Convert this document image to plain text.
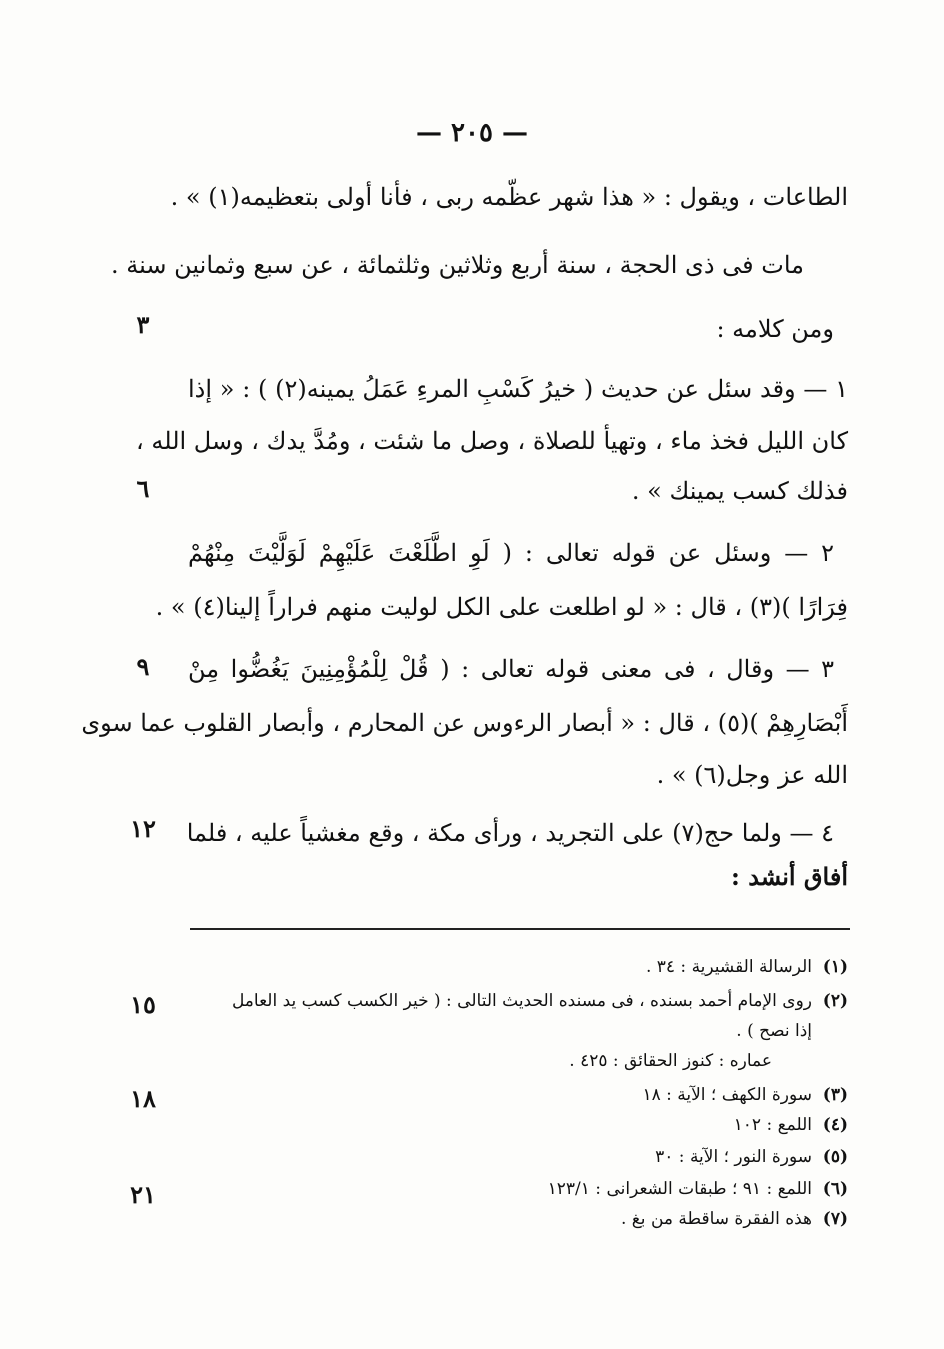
— ٢٠٥ —
الطاعات ، ويقول : « هذا شهر عظّمه ربى ، فأنا أولى بتعظيمه(١) » .
مات فى ذى الحجة ، سنة أربع وثلاثين وثلثمائة ، عن سبع وثمانين سنة .
ومن كلامه :
١ — وقد سئل عن حديث ( خيرُ كَسْبِ المرءِ عَمَلُ يمينه(٢) ) : « إذا
كان الليل فخذ ماء ، وتهيأ للصلاة ، وصل ما شئت ، ومُدَّ يدك ، وسل الله ،
فذلك كسب يمينك » .
٢ — وسئل عن قوله تعالى : ( لَوِ اطَّلَعْتَ عَلَيْهِمْ لَوَلَّيْتَ مِنْهُمْ
فِرَارًا )(٣) ، قال : « لو اطلعت على الكل لوليت منهم فراراً إلينا(٤) » .
٣ — وقال ، فى معنى قوله تعالى : ( قُلْ لِلْمُؤْمِنِينَ يَغُضُّوا مِنْ
أَبْصَارِهِمْ )(٥) ، قال : « أبصار الرءوس عن المحارم ، وأبصار القلوب عما سوى
الله عز وجل(٦) » .
٤ — ولما حج(٧) على التجريد ، ورأى مكة ، وقع مغشياً عليه ، فلما
أفاق أنشد :
٣
٦
٩
١٢
١٥
١٨
٢١
(١)الرسالة القشيرية : ٣٤ .
(٢)روى الإمام أحمد بسنده ، فى مسنده الحديث التالى : ( خير الكسب كسب يد العامل
إذا نصح ) .
عماره : كنوز الحقائق : ٤٢٥ .
(٣)سورة الكهف ؛ الآية : ١٨
(٤)اللمع : ١٠٢
(٥)سورة النور ؛ الآية : ٣٠
(٦)اللمع : ٩١ ؛ طبقات الشعرانى : ١٢٣/١
(٧)هذه الفقرة ساقطة من بغ .
